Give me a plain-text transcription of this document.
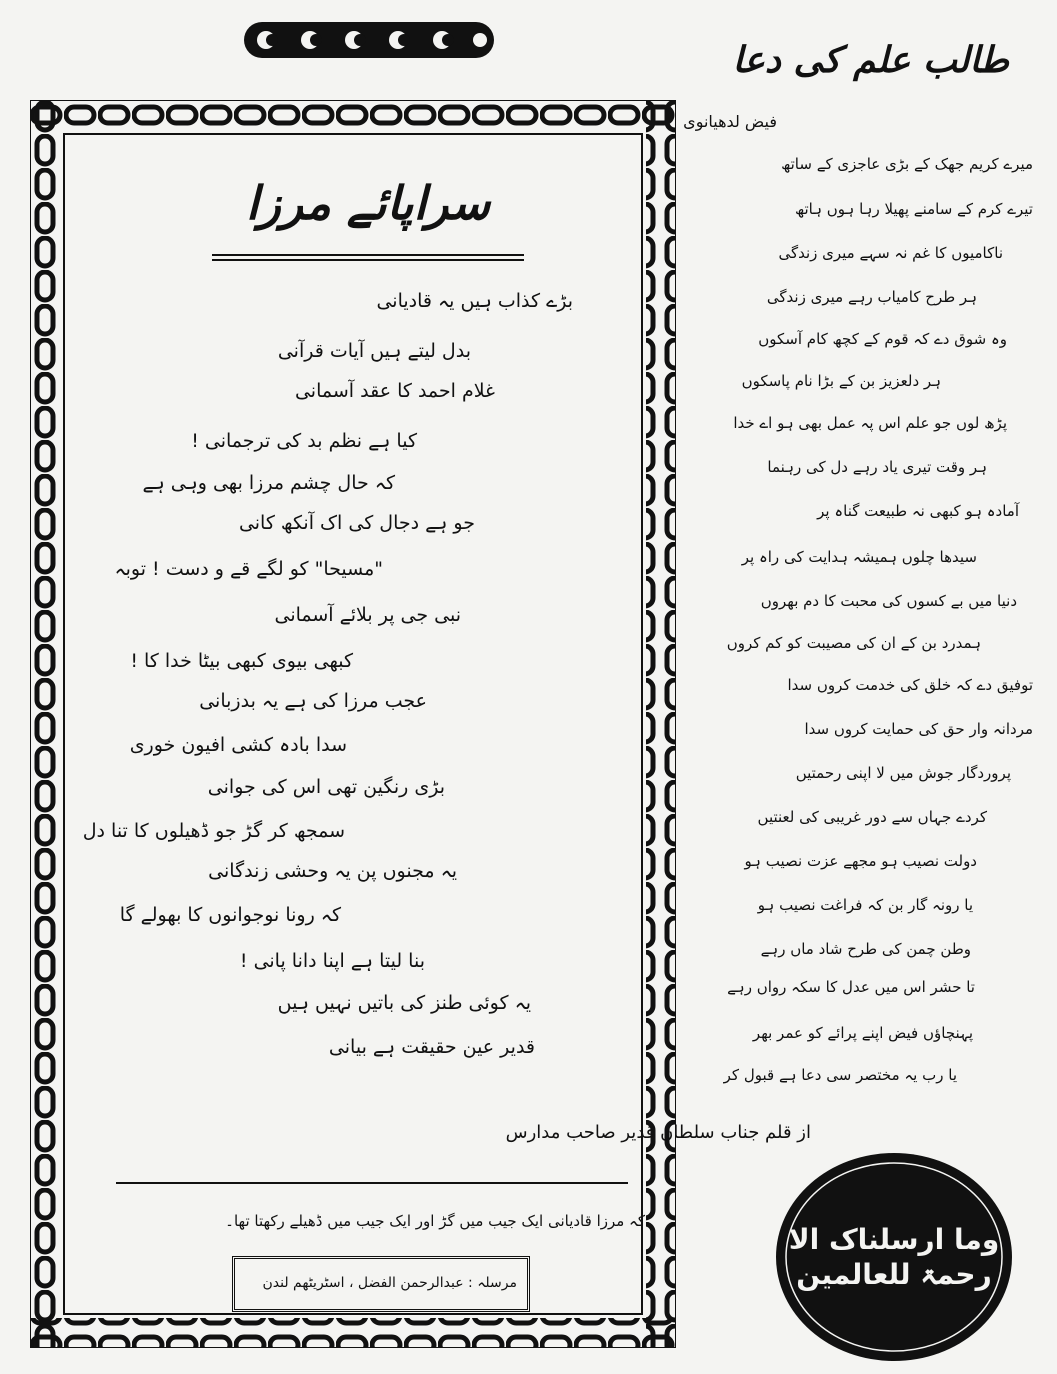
سراپائے مرزا
بڑے کذاب ہیں یہ قادیانی
بدل لیتے ہیں آیات قرآنی
غلام احمد کا عقد آسمانی
کیا ہے نظم بد کی ترجمانی !
کہ حال چشم مرزا بھی وہی ہے
جو ہے دجال کی اک آنکھ کانی
"مسیحا" کو لگے قے و دست ! توبہ
نبی جی پر بلائے آسمانی
کبھی بیوی کبھی بیٹا خدا کا !
عجب مرزا کی ہے یہ بدزبانی
سدا بادہ کشی افیون خوری
بڑی رنگین تھی اس کی جوانی
سمجھ کر گڑ جو ڈھیلوں کا تنا دل
یہ مجنوں پن یہ وحشی زندگانی
کہ رونا نوجوانوں کا بھولے گا
بنا لیتا ہے اپنا دانا پانی !
یہ کوئی طنز کی باتیں نہیں ہیں
قدیر عین حقیقت ہے بیانی
از قلم جناب سلطان قدیر صاحب مدارس
کہ مرزا قادیانی ایک جیب میں گڑ اور ایک جیب میں ڈھیلے رکھتا تھا۔
مرسلہ : عبدالرحمن الفضل ، اسٹریٹھم لندن
طالب علم کی دعا
فیض لدھیانوی
میرے کریم جھک کے بڑی عاجزی کے ساتھ
تیرے کرم کے سامنے پھیلا رہا ہوں ہاتھ
ناکامیوں کا غم نہ سہے میری زندگی
ہر طرح کامیاب رہے میری زندگی
وہ شوق دے کہ قوم کے کچھ کام آسکوں
ہر دلعزیز بن کے بڑا نام پاسکوں
پڑھ لوں جو علم اس پہ عمل بھی ہو اے خدا
ہر وقت تیری یاد رہے دل کی رہنما
آمادہ ہو کبھی نہ طبیعت گناہ پر
سیدھا چلوں ہمیشہ ہدایت کی راہ پر
دنیا میں بے کسوں کی محبت کا دم بھروں
ہمدرد بن کے ان کی مصیبت کو کم کروں
توفیق دے کہ خلق کی خدمت کروں سدا
مردانہ وار حق کی حمایت کروں سدا
پروردگار جوش میں لا اپنی رحمتیں
کردے جہاں سے دور غریبی کی لعنتیں
دولت نصیب ہو مجھے عزت نصیب ہو
یا رونہ گار بن کہ فراغت نصیب ہو
وطن چمن کی طرح شاد ماں رہے
تا حشر اس میں عدل کا سکہ رواں رہے
پہنچاؤں فیض اپنے پرائے کو عمر بھر
یا رب یہ مختصر سی دعا ہے قبول کر
وما ارسلناک الا رحمۃ للعالمین
